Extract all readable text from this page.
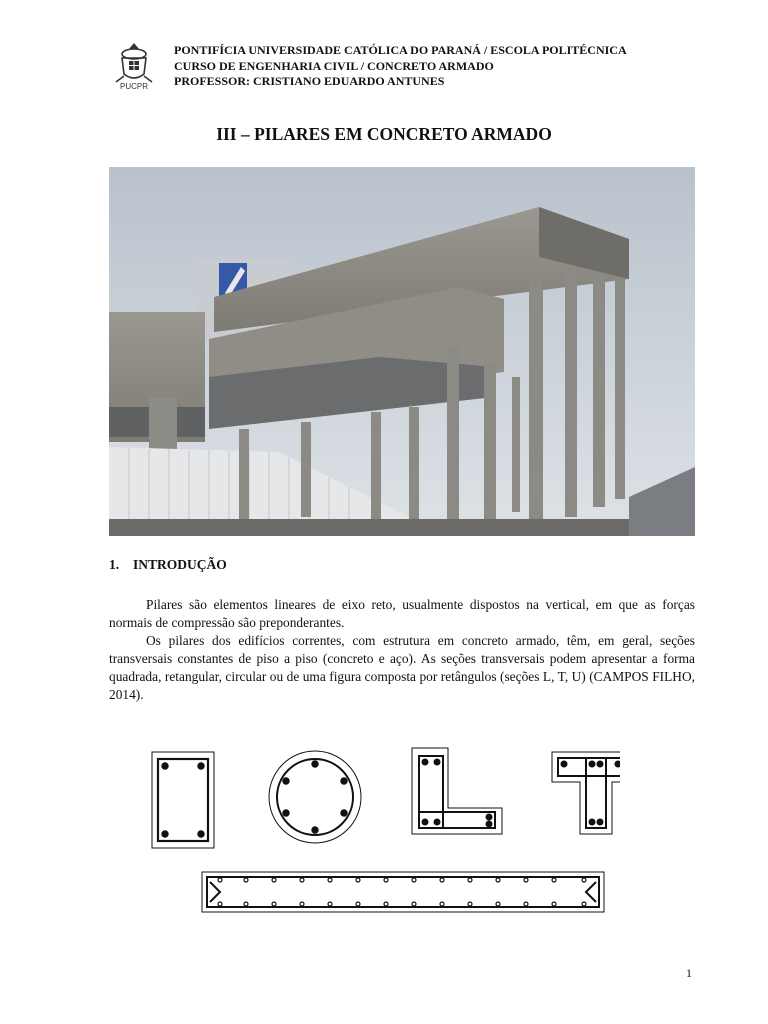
PUCPR
PONTIFÍCIA UNIVERSIDADE CATÓLICA DO PARANÁ / ESCOLA POLITÉCNICA
CURSO DE ENGENHARIA CIVIL / CONCRETO ARMADO
PROFESSOR: CRISTIANO EDUARDO ANTUNES
III – PILARES EM CONCRETO ARMADO
1. INTRODUÇÃO

Pilares são elementos lineares de eixo reto, usualmente dispostos na vertical, em que as forças normais de compressão são preponderantes.

Os pilares dos edifícios correntes, com estrutura em concreto armado, têm, em geral, seções transversais constantes de piso a piso (concreto e aço). As seções transversais podem apresentar a forma quadrada, retangular, circular ou de uma figura composta por retângulos (seções L, T, U) (CAMPOS FILHO, 2014).

1
